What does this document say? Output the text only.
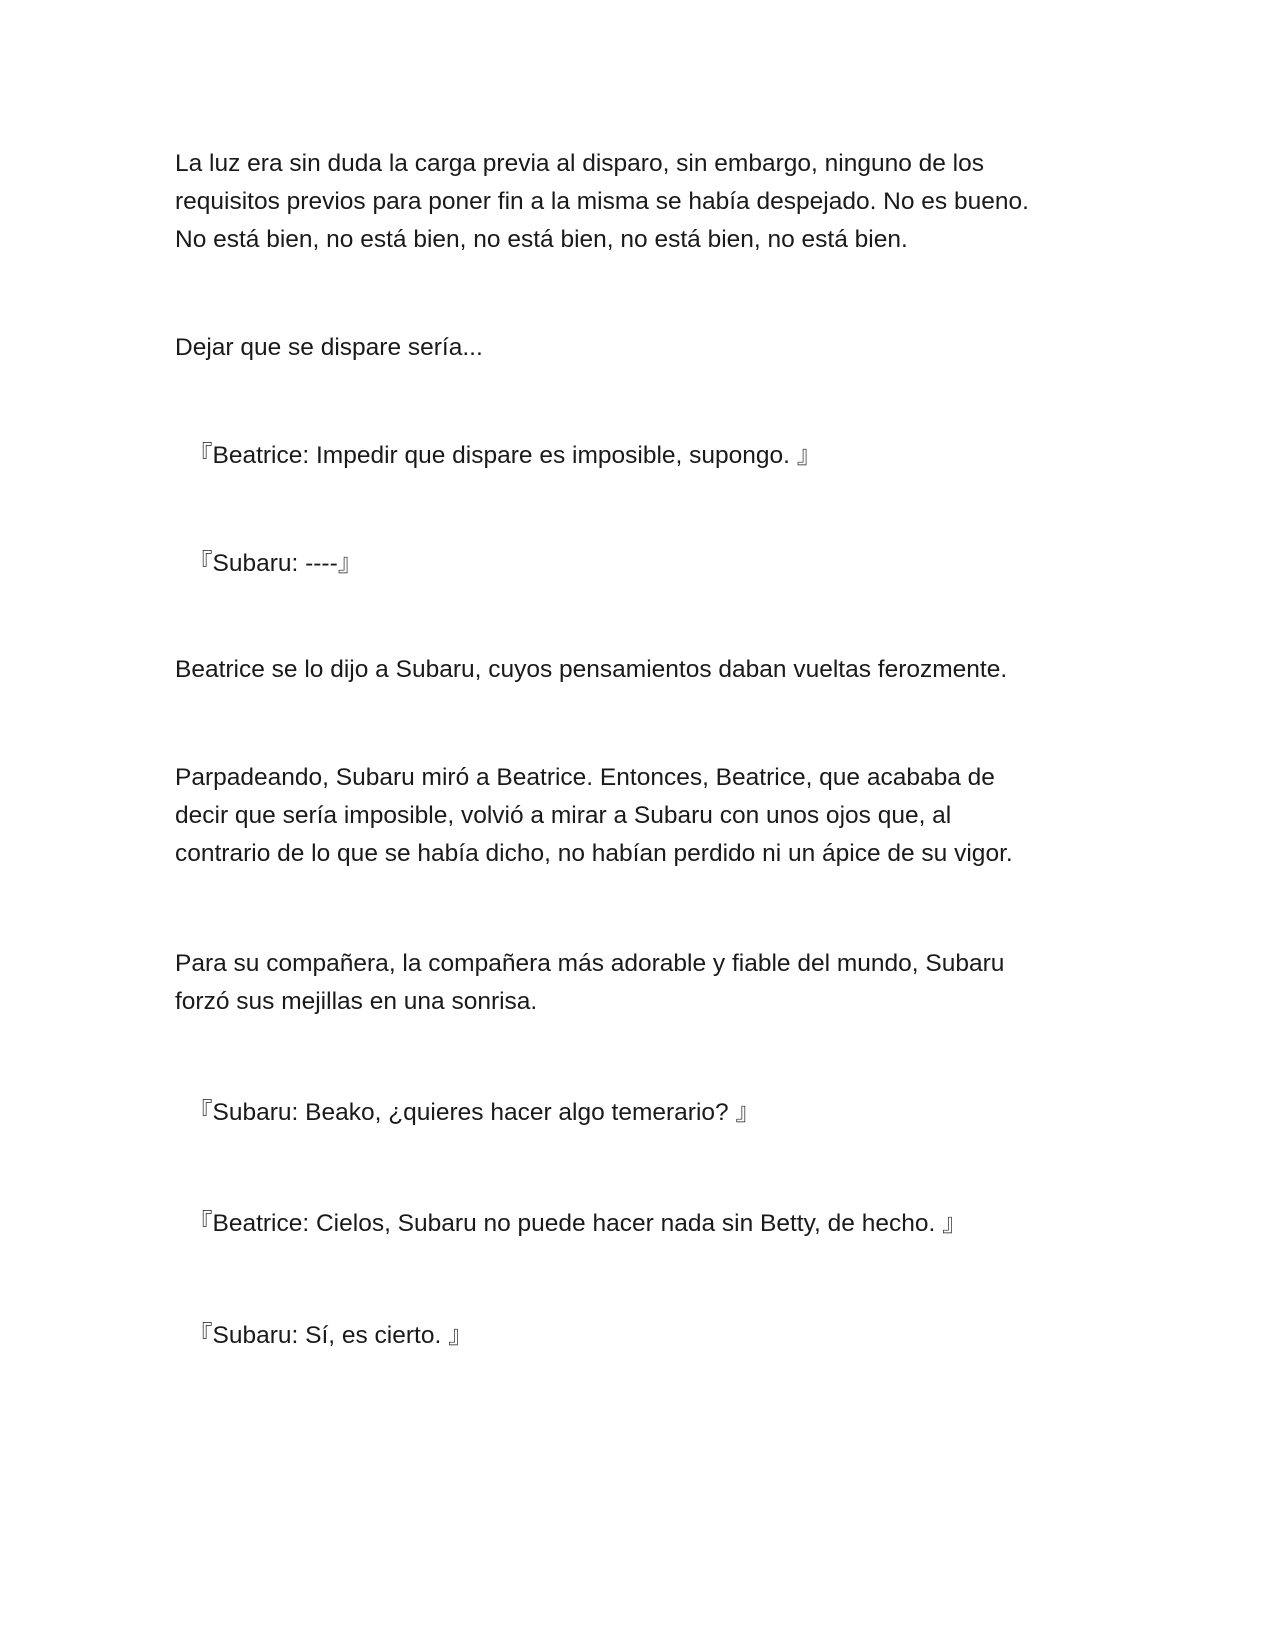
La luz era sin duda la carga previa al disparo, sin embargo, ninguno de los
requisitos previos para poner fin a la misma se había despejado. No es bueno.
No está bien, no está bien, no está bien, no está bien, no está bien.

Dejar que se dispare sería...

『Beatrice: Impedir que dispare es imposible, supongo. 』

『Subaru: ----』

Beatrice se lo dijo a Subaru, cuyos pensamientos daban vueltas ferozmente.

Parpadeando, Subaru miró a Beatrice. Entonces, Beatrice, que acababa de
decir que sería imposible, volvió a mirar a Subaru con unos ojos que, al
contrario de lo que se había dicho, no habían perdido ni un ápice de su vigor.

Para su compañera, la compañera más adorable y fiable del mundo, Subaru
forzó sus mejillas en una sonrisa.

『Subaru: Beako, ¿quieres hacer algo temerario? 』

『Beatrice: Cielos, Subaru no puede hacer nada sin Betty, de hecho. 』

『Subaru: Sí, es cierto. 』
